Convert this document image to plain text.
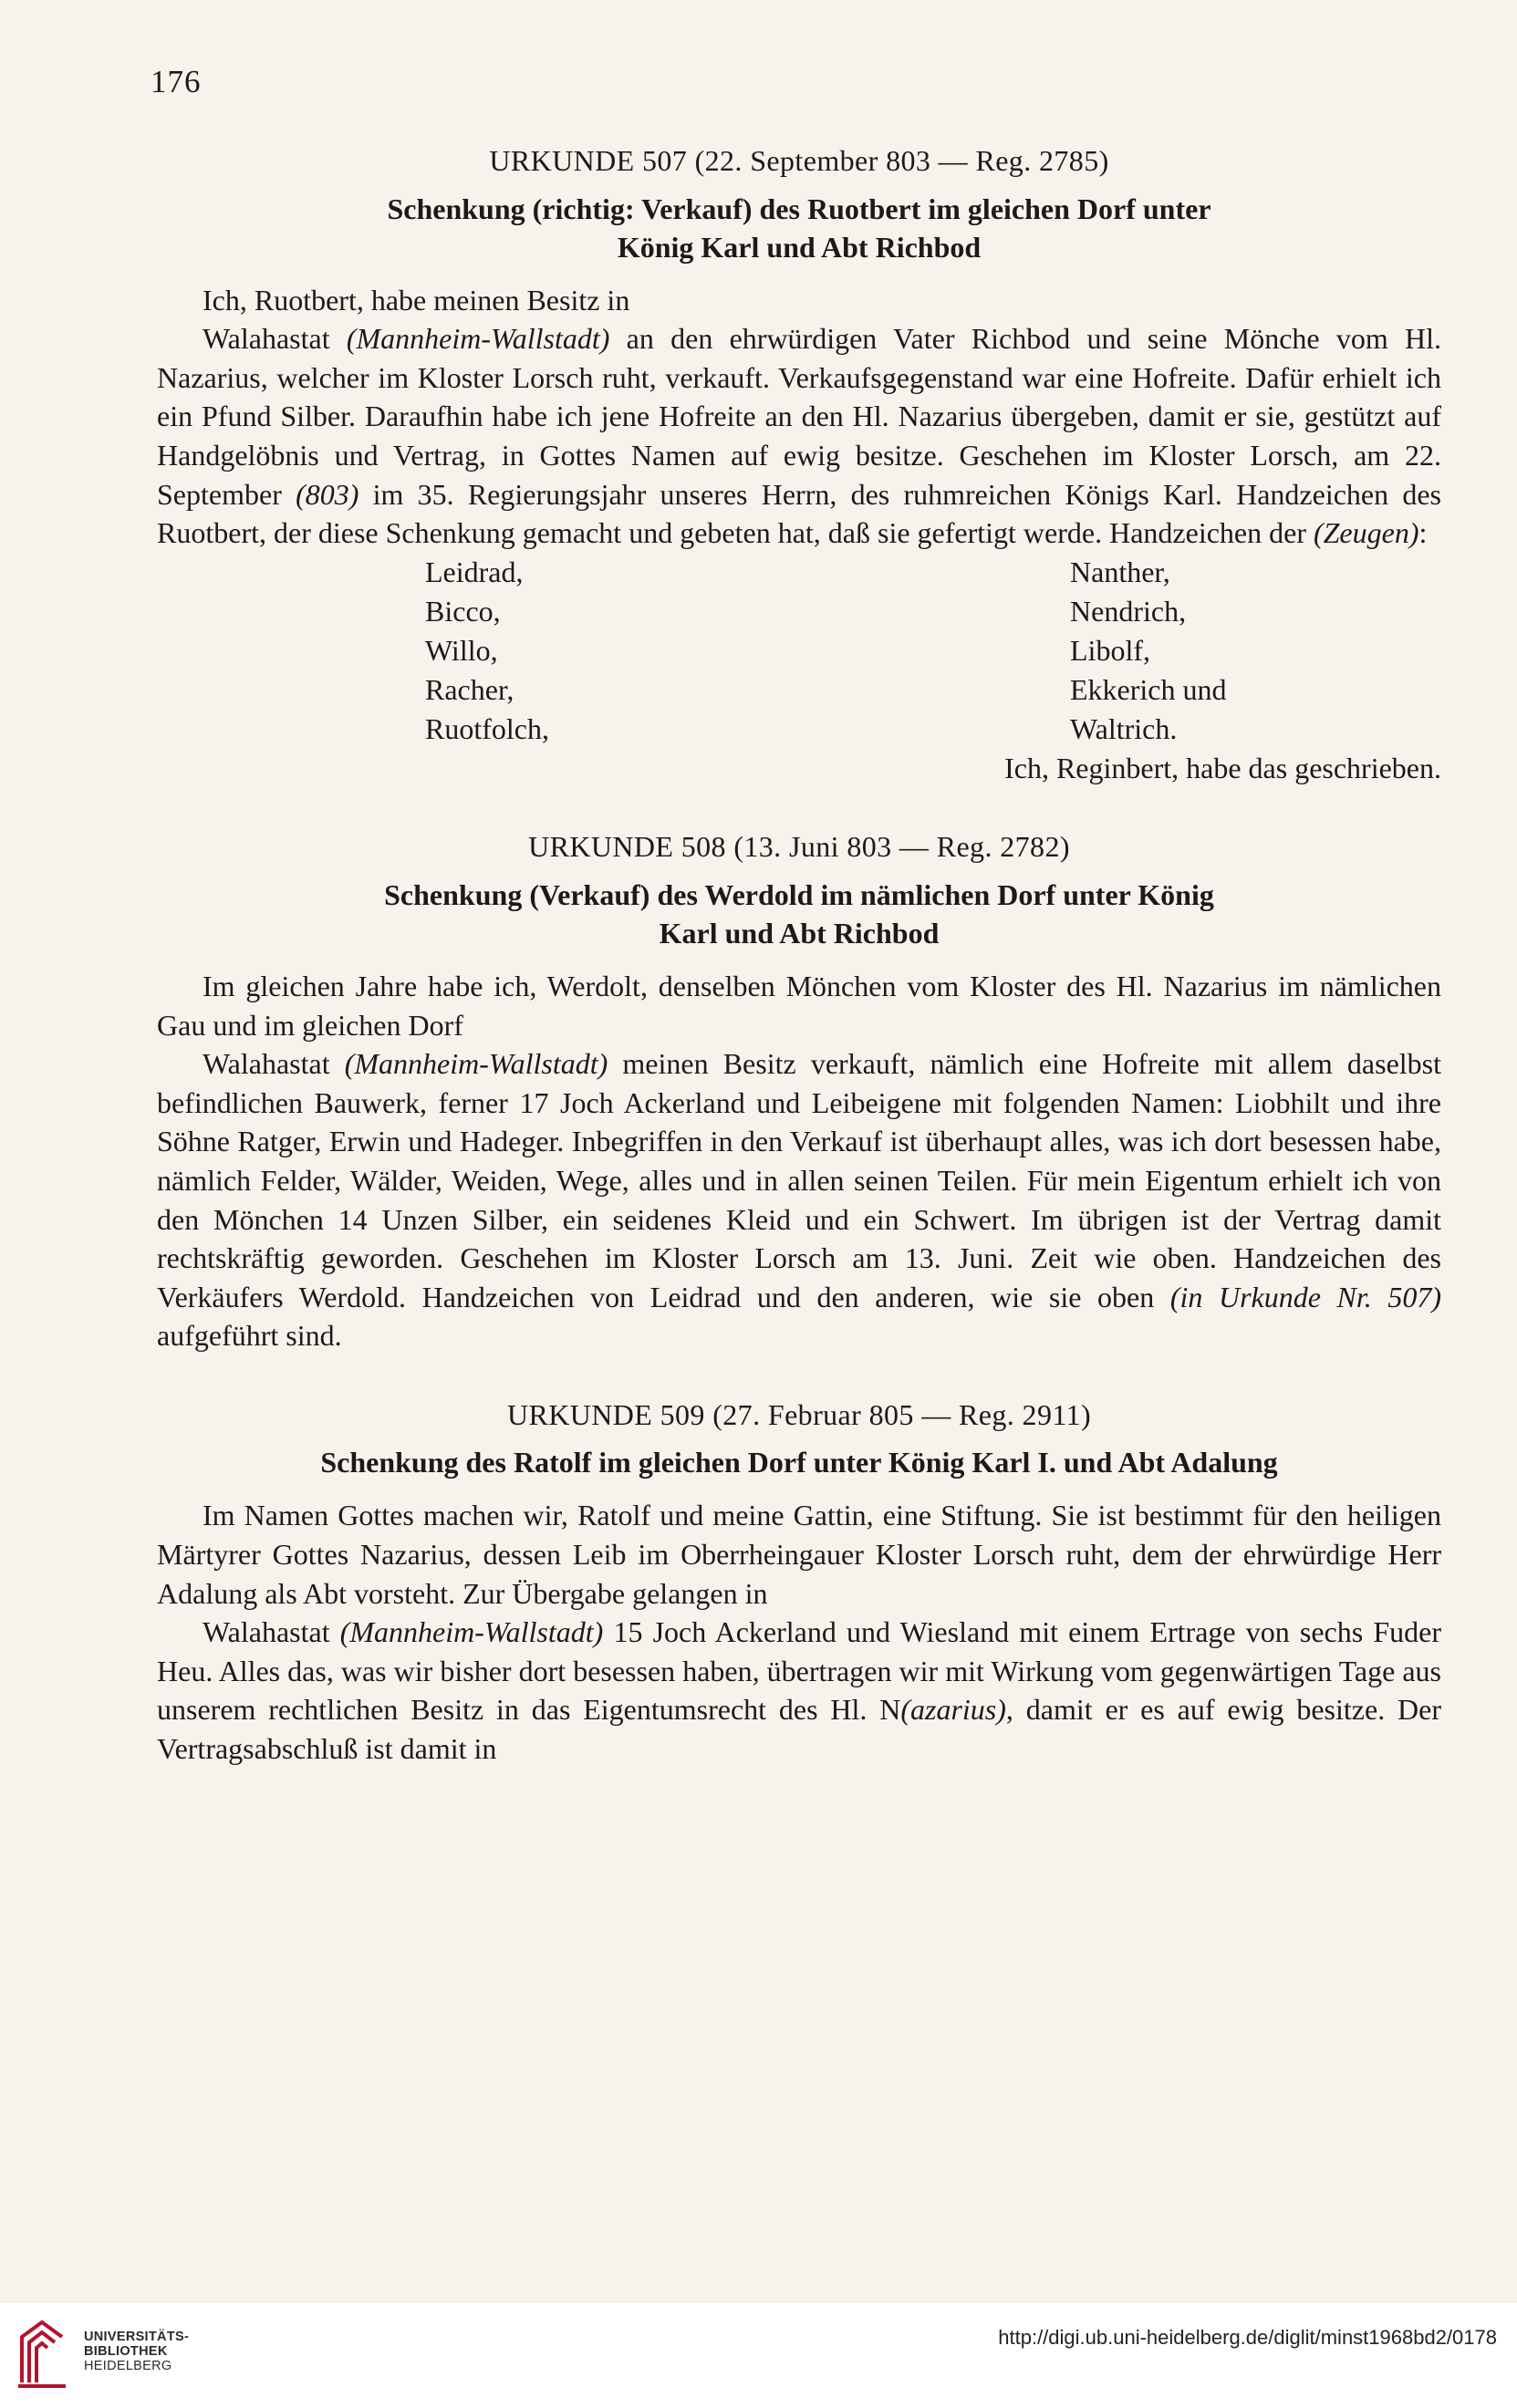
176
URKUNDE 507 (22. September 803 — Reg. 2785)
Schenkung (richtig: Verkauf) des Ruotbert im gleichen Dorf unter
König Karl und Abt Richbod

Ich, Ruotbert, habe meinen Besitz in

Walahastat (Mannheim-Wallstadt) an den ehrwürdigen Vater Richbod und seine Mönche vom Hl. Nazarius, welcher im Kloster Lorsch ruht, verkauft. Verkaufsgegenstand war eine Hofreite. Dafür erhielt ich ein Pfund Silber. Daraufhin habe ich jene Hofreite an den Hl. Nazarius übergeben, damit er sie, gestützt auf Handgelöbnis und Vertrag, in Gottes Namen auf ewig besitze. Geschehen im Kloster Lorsch, am 22. September (803) im 35. Regierungsjahr unseres Herrn, des ruhmreichen Königs Karl. Handzeichen des Ruotbert, der diese Schenkung gemacht und gebeten hat, daß sie gefertigt werde. Handzeichen der (Zeugen):

Leidrad,
Bicco,
Willo,
Racher,
Ruotfolch,
Nanther,
Nendrich,
Libolf,
Ekkerich und
Waltrich.
Ich, Reginbert, habe das geschrieben.
URKUNDE 508 (13. Juni 803 — Reg. 2782)
Schenkung (Verkauf) des Werdold im nämlichen Dorf unter König
Karl und Abt Richbod

Im gleichen Jahre habe ich, Werdolt, denselben Mönchen vom Kloster des Hl. Nazarius im nämlichen Gau und im gleichen Dorf

Walahastat (Mannheim-Wallstadt) meinen Besitz verkauft, nämlich eine Hofreite mit allem daselbst befindlichen Bauwerk, ferner 17 Joch Ackerland und Leibeigene mit folgenden Namen: Liobhilt und ihre Söhne Ratger, Erwin und Hadeger. Inbegriffen in den Verkauf ist überhaupt alles, was ich dort besessen habe, nämlich Felder, Wälder, Weiden, Wege, alles und in allen seinen Teilen. Für mein Eigentum erhielt ich von den Mönchen 14 Unzen Silber, ein seidenes Kleid und ein Schwert. Im übrigen ist der Vertrag damit rechtskräftig geworden. Geschehen im Kloster Lorsch am 13. Juni. Zeit wie oben. Handzeichen des Verkäufers Werdold. Handzeichen von Leidrad und den anderen, wie sie oben (in Urkunde Nr. 507) aufgeführt sind.

URKUNDE 509 (27. Februar 805 — Reg. 2911)
Schenkung des Ratolf im gleichen Dorf unter König Karl I. und Abt Adalung

Im Namen Gottes machen wir, Ratolf und meine Gattin, eine Stiftung. Sie ist bestimmt für den heiligen Märtyrer Gottes Nazarius, dessen Leib im Oberrheingauer Kloster Lorsch ruht, dem der ehrwürdige Herr Adalung als Abt vorsteht. Zur Übergabe gelangen in

Walahastat (Mannheim-Wallstadt) 15 Joch Ackerland und Wiesland mit einem Ertrage von sechs Fuder Heu. Alles das, was wir bisher dort besessen haben, übertragen wir mit Wirkung vom gegenwärtigen Tage aus unserem rechtlichen Besitz in das Eigentumsrecht des Hl. N(azarius), damit er es auf ewig besitze. Der Vertragsabschluß ist damit in

UNIVERSITÄTS-
BIBLIOTHEK
HEIDELBERG
http://digi.ub.uni-heidelberg.de/diglit/minst1968bd2/0178
